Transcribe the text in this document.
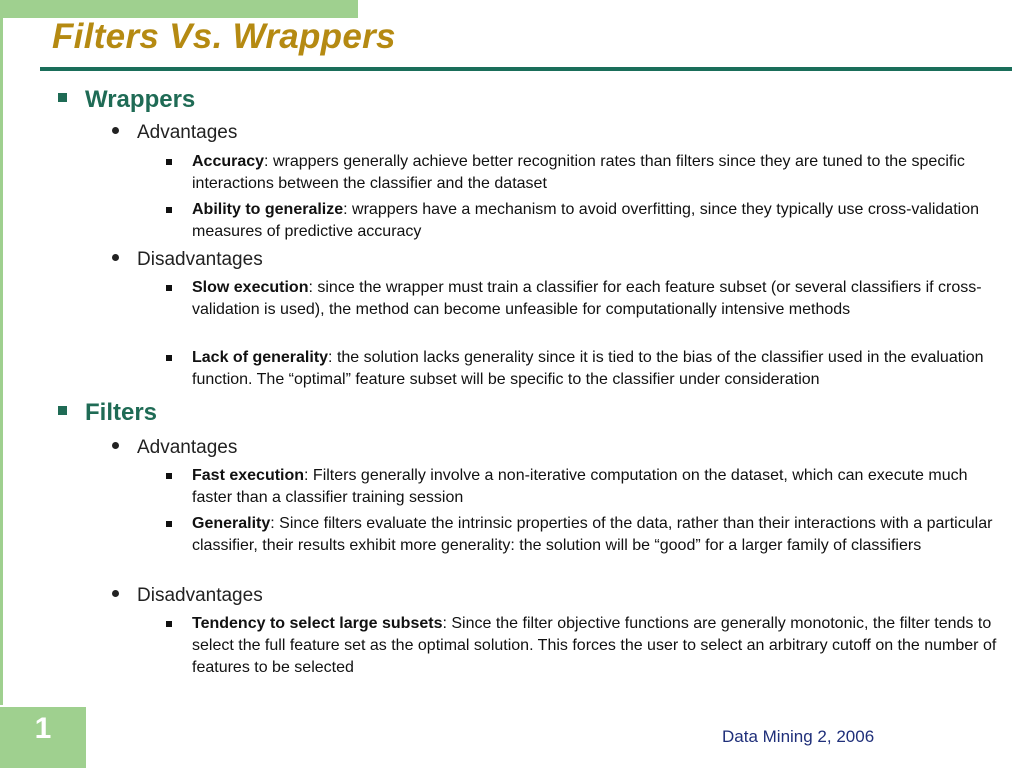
Filters Vs. Wrappers
Wrappers
Advantages
Accuracy: wrappers generally achieve better recognition rates than filters since they are tuned to the specific interactions between the classifier and the dataset
Ability to generalize: wrappers have a mechanism to avoid overfitting, since they typically use cross-validation measures of predictive accuracy
Disadvantages
Slow execution: since the wrapper must train a classifier for each feature subset (or several classifiers if cross-validation is used), the method can become unfeasible for computationally intensive methods
Lack of generality: the solution lacks generality since it is tied to the bias of the classifier used in the evaluation function. The “optimal” feature subset will be specific to the classifier under consideration
Filters
Advantages
Fast execution: Filters generally involve a non-iterative computation on the dataset, which can execute much faster than a classifier training session
Generality: Since filters evaluate the intrinsic properties of the data, rather than their interactions with a particular classifier, their results exhibit more generality: the solution will be “good” for a larger family of classifiers
Disadvantages
Tendency to select large subsets: Since the filter objective functions are generally monotonic, the filter tends to select the full feature set as the optimal solution. This forces the user to select an arbitrary cutoff on the number of features to be selected
1	Data Mining 2, 2006
